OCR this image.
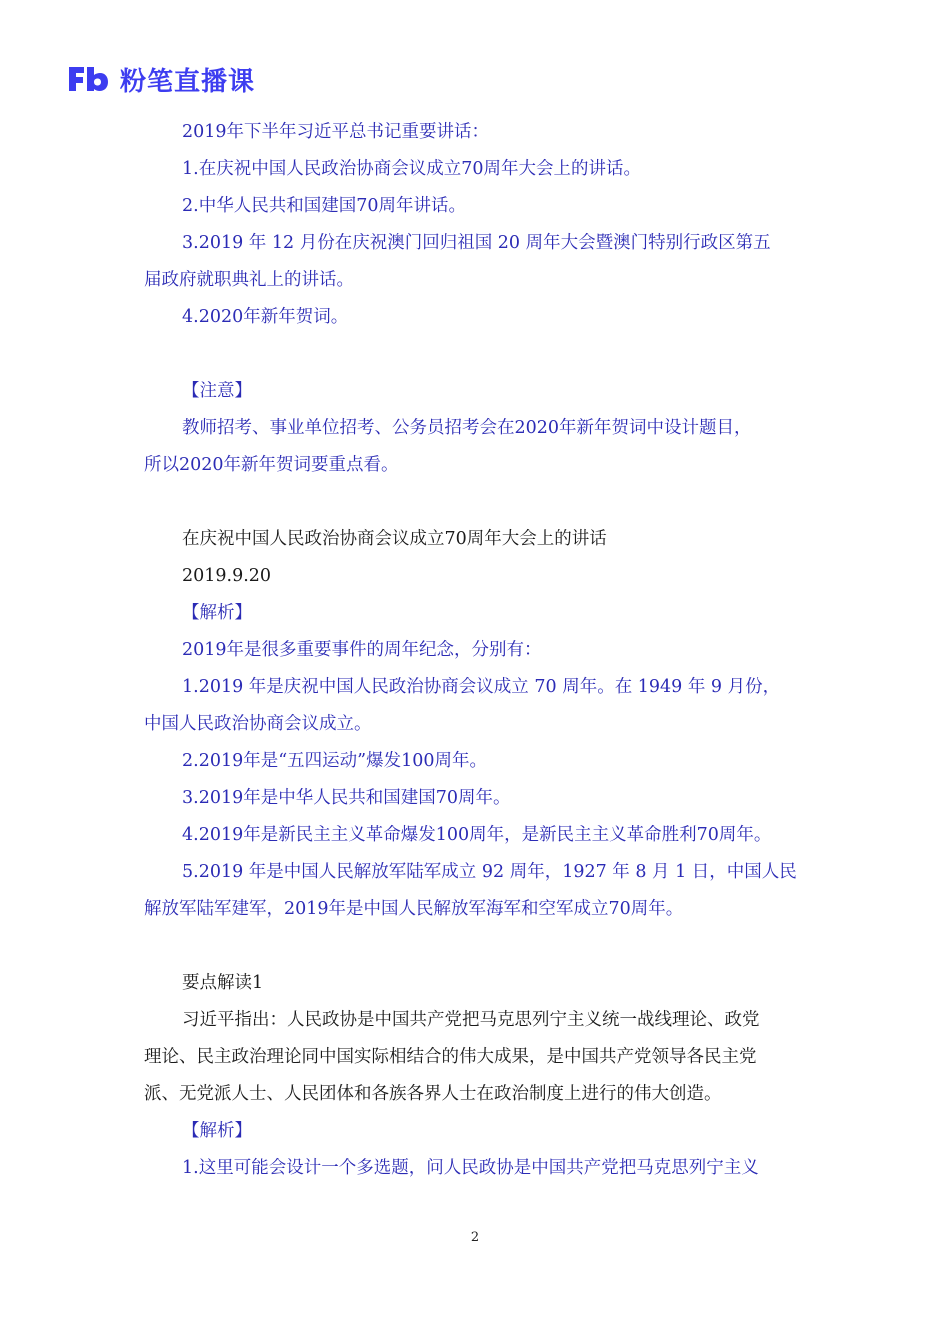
粉笔直播课

2019年下半年习近平总书记重要讲话：

1.在庆祝中国人民政治协商会议成立70周年大会上的讲话。

2.中华人民共和国建国70周年讲话。

3.2019 年 12 月份在庆祝澳门回归祖国 20 周年大会暨澳门特别行政区第五

届政府就职典礼上的讲话。

4.2020年新年贺词。

【注意】

教师招考、事业单位招考、公务员招考会在2020年新年贺词中设计题目，

所以2020年新年贺词要重点看。

在庆祝中国人民政治协商会议成立70周年大会上的讲话

2019.9.20

【解析】

2019年是很多重要事件的周年纪念，分别有：

1.2019 年是庆祝中国人民政治协商会议成立 70 周年。在 1949 年 9 月份，

中国人民政治协商会议成立。

2.2019年是“五四运动”爆发100周年。

3.2019年是中华人民共和国建国70周年。

4.2019年是新民主主义革命爆发100周年，是新民主主义革命胜利70周年。

5.2019 年是中国人民解放军陆军成立 92 周年，1927 年 8 月 1 日，中国人民

解放军陆军建军，2019年是中国人民解放军海军和空军成立70周年。

要点解读1

习近平指出：人民政协是中国共产党把马克思列宁主义统一战线理论、政党

理论、民主政治理论同中国实际相结合的伟大成果，是中国共产党领导各民主党

派、无党派人士、人民团体和各族各界人士在政治制度上进行的伟大创造。

【解析】

1.这里可能会设计一个多选题，问人民政协是中国共产党把马克思列宁主义

2
